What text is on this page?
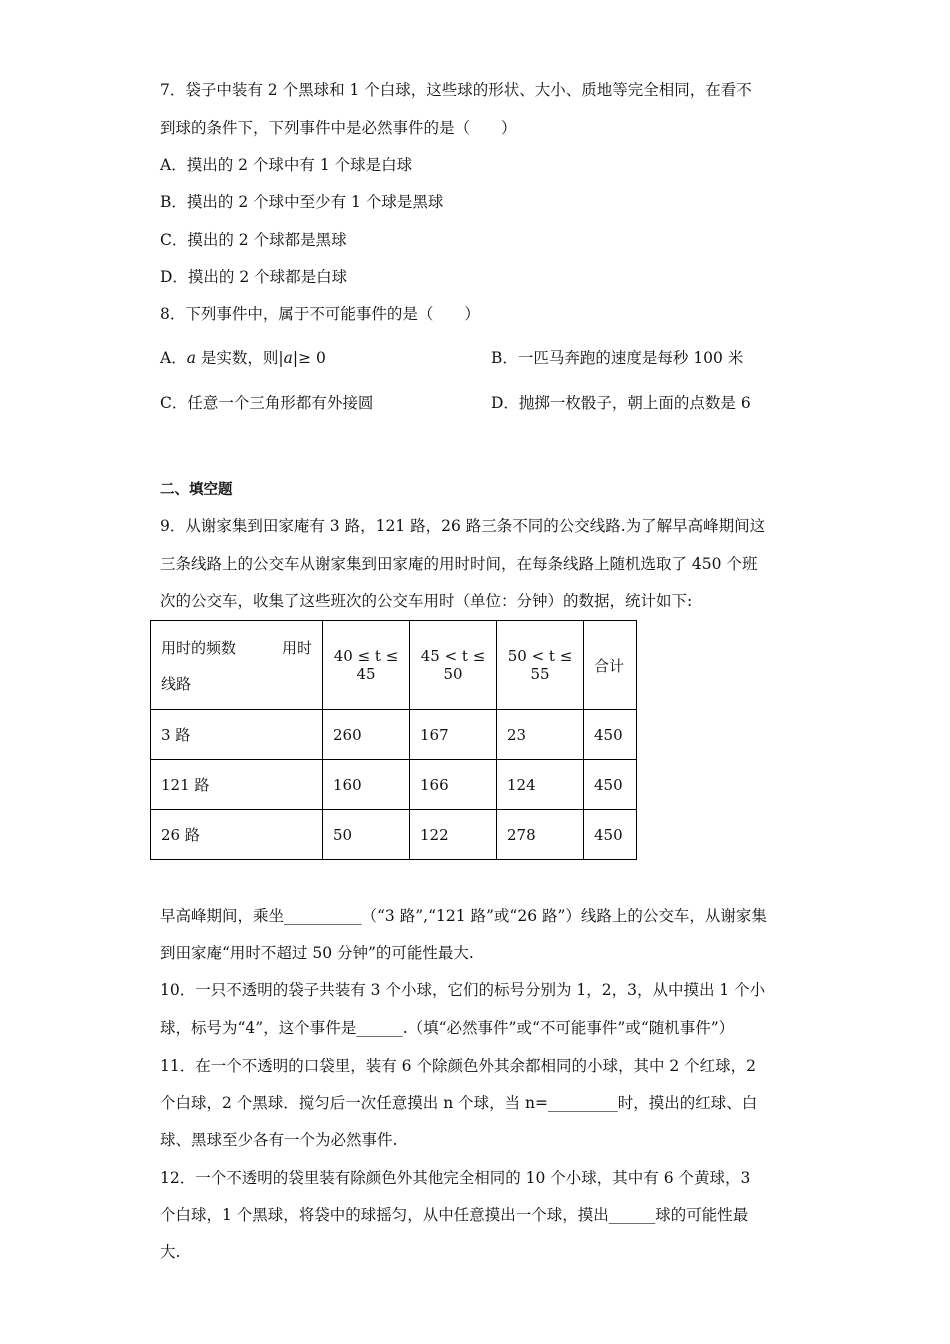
7．袋子中装有 2 个黑球和 1 个白球，这些球的形状、大小、质地等完全相同，在看不
到球的条件下，下列事件中是必然事件的是（　　）
A．摸出的 2 个球中有 1 个球是白球
B．摸出的 2 个球中至少有 1 个球是黑球
C．摸出的 2 个球都是黑球
D．摸出的 2 个球都是白球
8．下列事件中，属于不可能事件的是（　　）
A．a 是实数，则|a|≥ 0	B．一匹马奔跑的速度是每秒 100 米
C．任意一个三角形都有外接圆	D．抛掷一枚骰子，朝上面的点数是 6
二、填空题
9．从谢家集到田家庵有 3 路，121 路，26 路三条不同的公交线路.为了解早高峰期间这
三条线路上的公交车从谢家集到田家庵的用时时间，在每条线路上随机选取了 450 个班
次的公交车，收集了这些班次的公交车用时（单位：分钟）的数据，统计如下:
用时的频数 用时
线路	40 ≤ t ≤ 45	45 < t ≤ 50	50 < t ≤ 55	合计
3 路	260	167	23	450
121 路	160	166	124	450
26 路	50	122	278	450
早高峰期间，乘坐__________（“3 路”,“121 路”或“26 路”）线路上的公交车，从谢家集
到田家庵“用时不超过 50 分钟”的可能性最大.
10．一只不透明的袋子共装有 3 个小球，它们的标号分别为 1，2，3，从中摸出 1 个小
球，标号为“4”，这个事件是______.（填“必然事件”或“不可能事件”或“随机事件”）
11．在一个不透明的口袋里，装有 6 个除颜色外其余都相同的小球，其中 2 个红球，2
个白球，2 个黑球．搅匀后一次任意摸出 n 个球，当 n=_________时，摸出的红球、白
球、黑球至少各有一个为必然事件.
12．一个不透明的袋里装有除颜色外其他完全相同的 10 个小球，其中有 6 个黄球，3
个白球，1 个黑球，将袋中的球摇匀，从中任意摸出一个球，摸出______球的可能性最
大.
